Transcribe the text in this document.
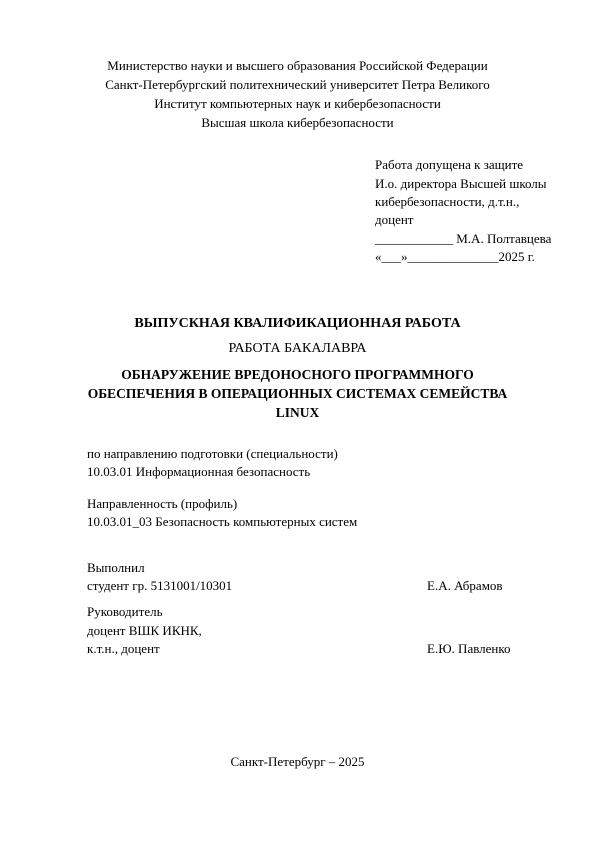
Министерство науки и высшего образования Российской Федерации
Санкт-Петербургский политехнический университет Петра Великого
Институт компьютерных наук и кибербезопасности
Высшая школа кибербезопасности
Работа допущена к защите
И.о. директора Высшей школы
кибербезопасности, д.т.н.,
доцент
____________ М.А. Полтавцева
«___»______________2025 г.
ВЫПУСКНАЯ КВАЛИФИКАЦИОННАЯ РАБОТА
РАБОТА БАКАЛАВРА
ОБНАРУЖЕНИЕ ВРЕДОНОСНОГО ПРОГРАММНОГО
ОБЕСПЕЧЕНИЯ В ОПЕРАЦИОННЫХ СИСТЕМАХ СЕМЕЙСТВА
LINUX
по направлению подготовки (специальности)
10.03.01 Информационная безопасность
Направленность (профиль)
10.03.01_03 Безопасность компьютерных систем
Выполнил
студент гр. 5131001/10301	Е.А. Абрамов
Руководитель
доцент ВШК ИКНК,
к.т.н., доцент	Е.Ю. Павленко
Санкт-Петербург – 2025
